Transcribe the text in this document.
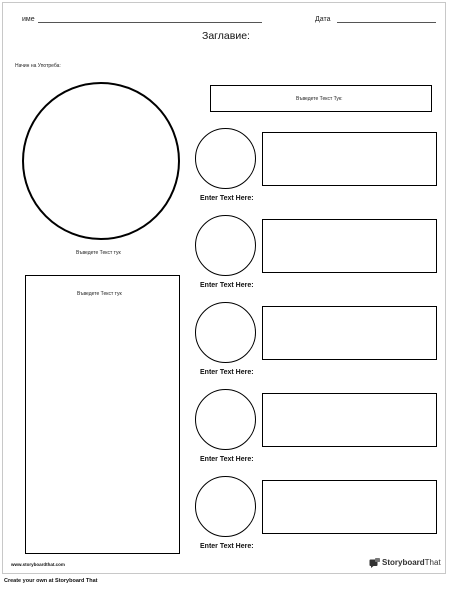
име	Дата
Заглавие:
Начин на Употреба:
Въведете Текст тук
Въведете Текст тук
Въведете Текст Тук:
Enter Text Here:
Enter Text Here:
Enter Text Here:
Enter Text Here:
Enter Text Here:
www.storyboardthat.com	StoryboardThat
Create your own at Storyboard That
